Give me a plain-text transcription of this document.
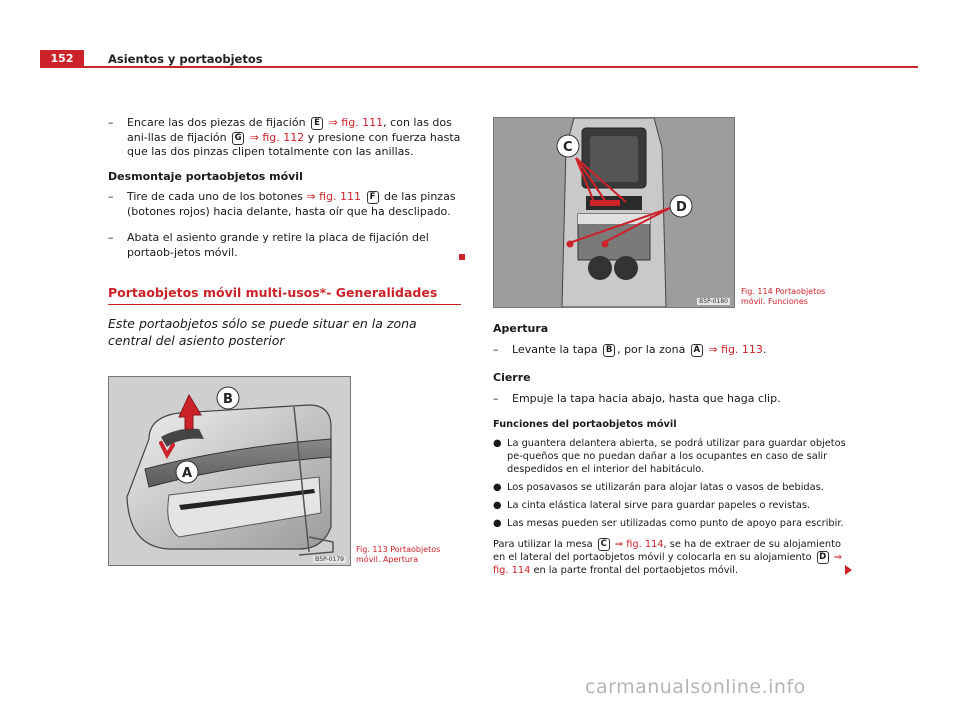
152	Asientos y portaobjetos
– Encare las dos piezas de fijación E ⇒ fig. 111, con las dos ani-llas de fijación G ⇒ fig. 112 y presione con fuerza hasta que las dos pinzas clipen totalmente con las anillas.
Desmontaje portaobjetos móvil
– Tire de cada uno de los botones ⇒ fig. 111 F de las pinzas (botones rojos) hacia delante, hasta oír que ha desclipado.
– Abata el asiento grande y retire la placa de fijación del portaob-jetos móvil.
Portaobjetos móvil multi-usos*- Generalidades
Este portaobjetos sólo se puede situar en la zona central del asiento posterior
B
A
B5P-0179
Fig. 113 Portaobjetos
móvil. Apertura
C
D
B5P-0180
Fig. 114 Portaobjetos
móvil. Funciones
Apertura
– Levante la tapa B , por la zona A ⇒ fig. 113.
Cierre
– Empuje la tapa hacia abajo, hasta que haga clip.
Funciones del portaobjetos móvil
● La guantera delantera abierta, se podrá utilizar para guardar objetos pe-queños que no puedan dañar a los ocupantes en caso de salir despedidos en el interior del habitáculo.
● Los posavasos se utilizarán para alojar latas o vasos de bebidas.
● La cinta elástica lateral sirve para guardar papeles o revistas.
● Las mesas pueden ser utilizadas como punto de apoyo para escribir.
Para utilizar la mesa C ⇒ fig. 114, se ha de extraer de su alojamiento en el lateral del portaobjetos móvil y colocarla en su alojamiento D ⇒ fig. 114 en la parte frontal del portaobjetos móvil.
carmanualsonline.info
